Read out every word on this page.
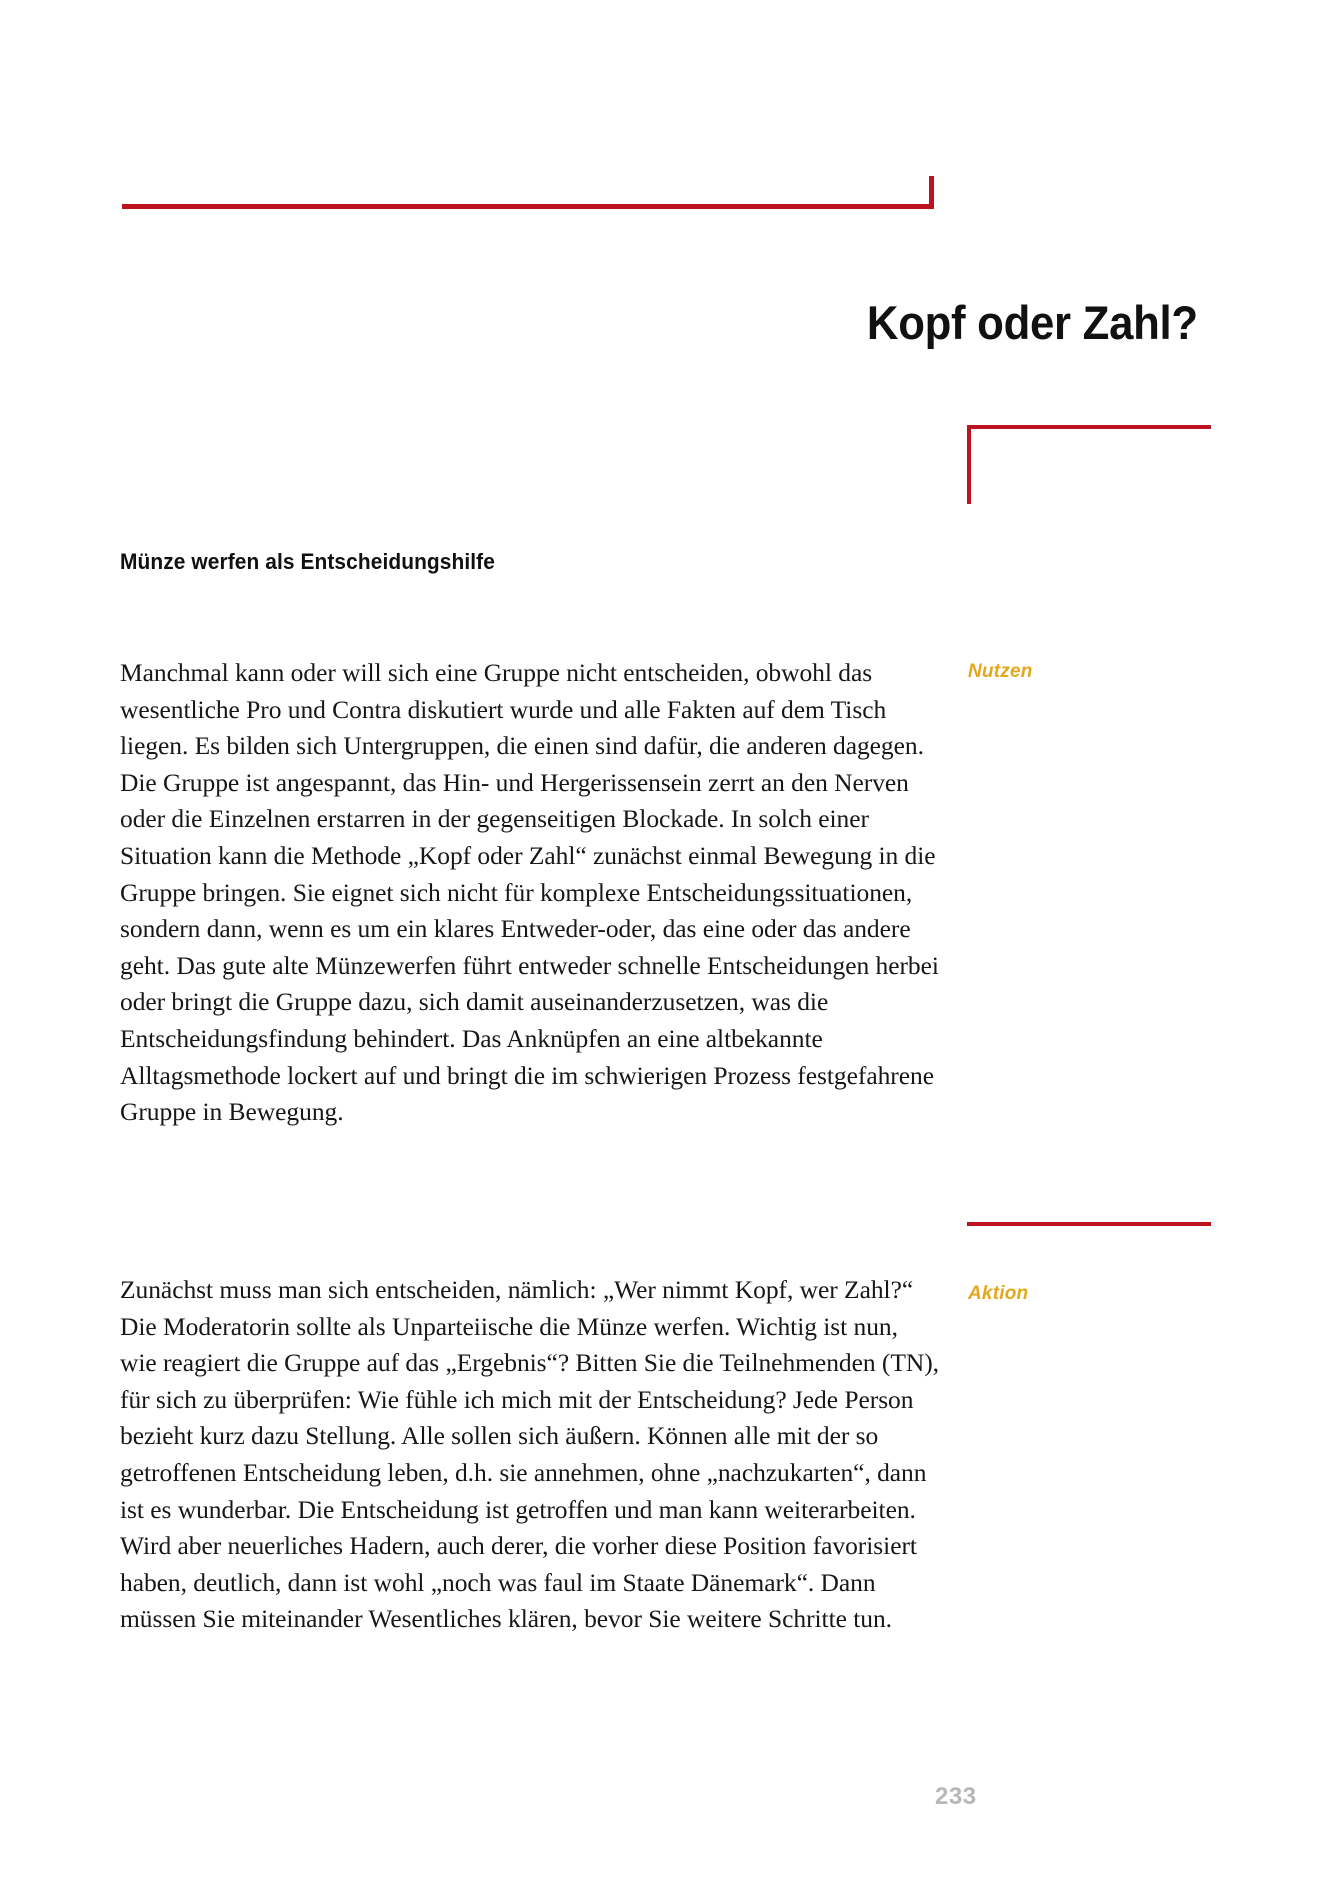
Kopf oder Zahl?
Münze werfen als Entscheidungshilfe
Manchmal kann oder will sich eine Gruppe nicht entscheiden, obwohl das wesentliche Pro und Contra diskutiert wurde und alle Fakten auf dem Tisch liegen. Es bilden sich Untergruppen, die einen sind dafür, die anderen dagegen. Die Gruppe ist angespannt, das Hin- und Hergerissensein zerrt an den Nerven oder die Einzelnen erstarren in der gegenseitigen Blockade. In solch einer Situation kann die Methode „Kopf oder Zahl“ zunächst einmal Bewegung in die Gruppe bringen. Sie eignet sich nicht für komplexe Entscheidungssituationen, sondern dann, wenn es um ein klares Entweder-oder, das eine oder das andere geht. Das gute alte Münzewerfen führt entweder schnelle Entscheidungen herbei oder bringt die Gruppe dazu, sich damit auseinanderzusetzen, was die Entscheidungsfindung behindert. Das Anknüpfen an eine altbekannte Alltagsmethode lockert auf und bringt die im schwierigen Prozess festgefahrene Gruppe in Bewegung.
Zunächst muss man sich entscheiden, nämlich: „Wer nimmt Kopf, wer Zahl?“ Die Moderatorin sollte als Unparteiische die Münze werfen. Wichtig ist nun, wie reagiert die Gruppe auf das „Ergebnis“? Bitten Sie die Teilnehmenden (TN), für sich zu überprüfen: Wie fühle ich mich mit der Entscheidung? Jede Person bezieht kurz dazu Stellung. Alle sollen sich äußern. Können alle mit der so getroffenen Entscheidung leben, d.h. sie annehmen, ohne „nachzukarten“, dann ist es wunderbar. Die Entscheidung ist getroffen und man kann weiterarbeiten. Wird aber neuerliches Hadern, auch derer, die vorher diese Position favorisiert haben, deutlich, dann ist wohl „noch was faul im Staate Dänemark“. Dann müssen Sie miteinander Wesentliches klären, bevor Sie weitere Schritte tun.
Nutzen
Aktion
233
